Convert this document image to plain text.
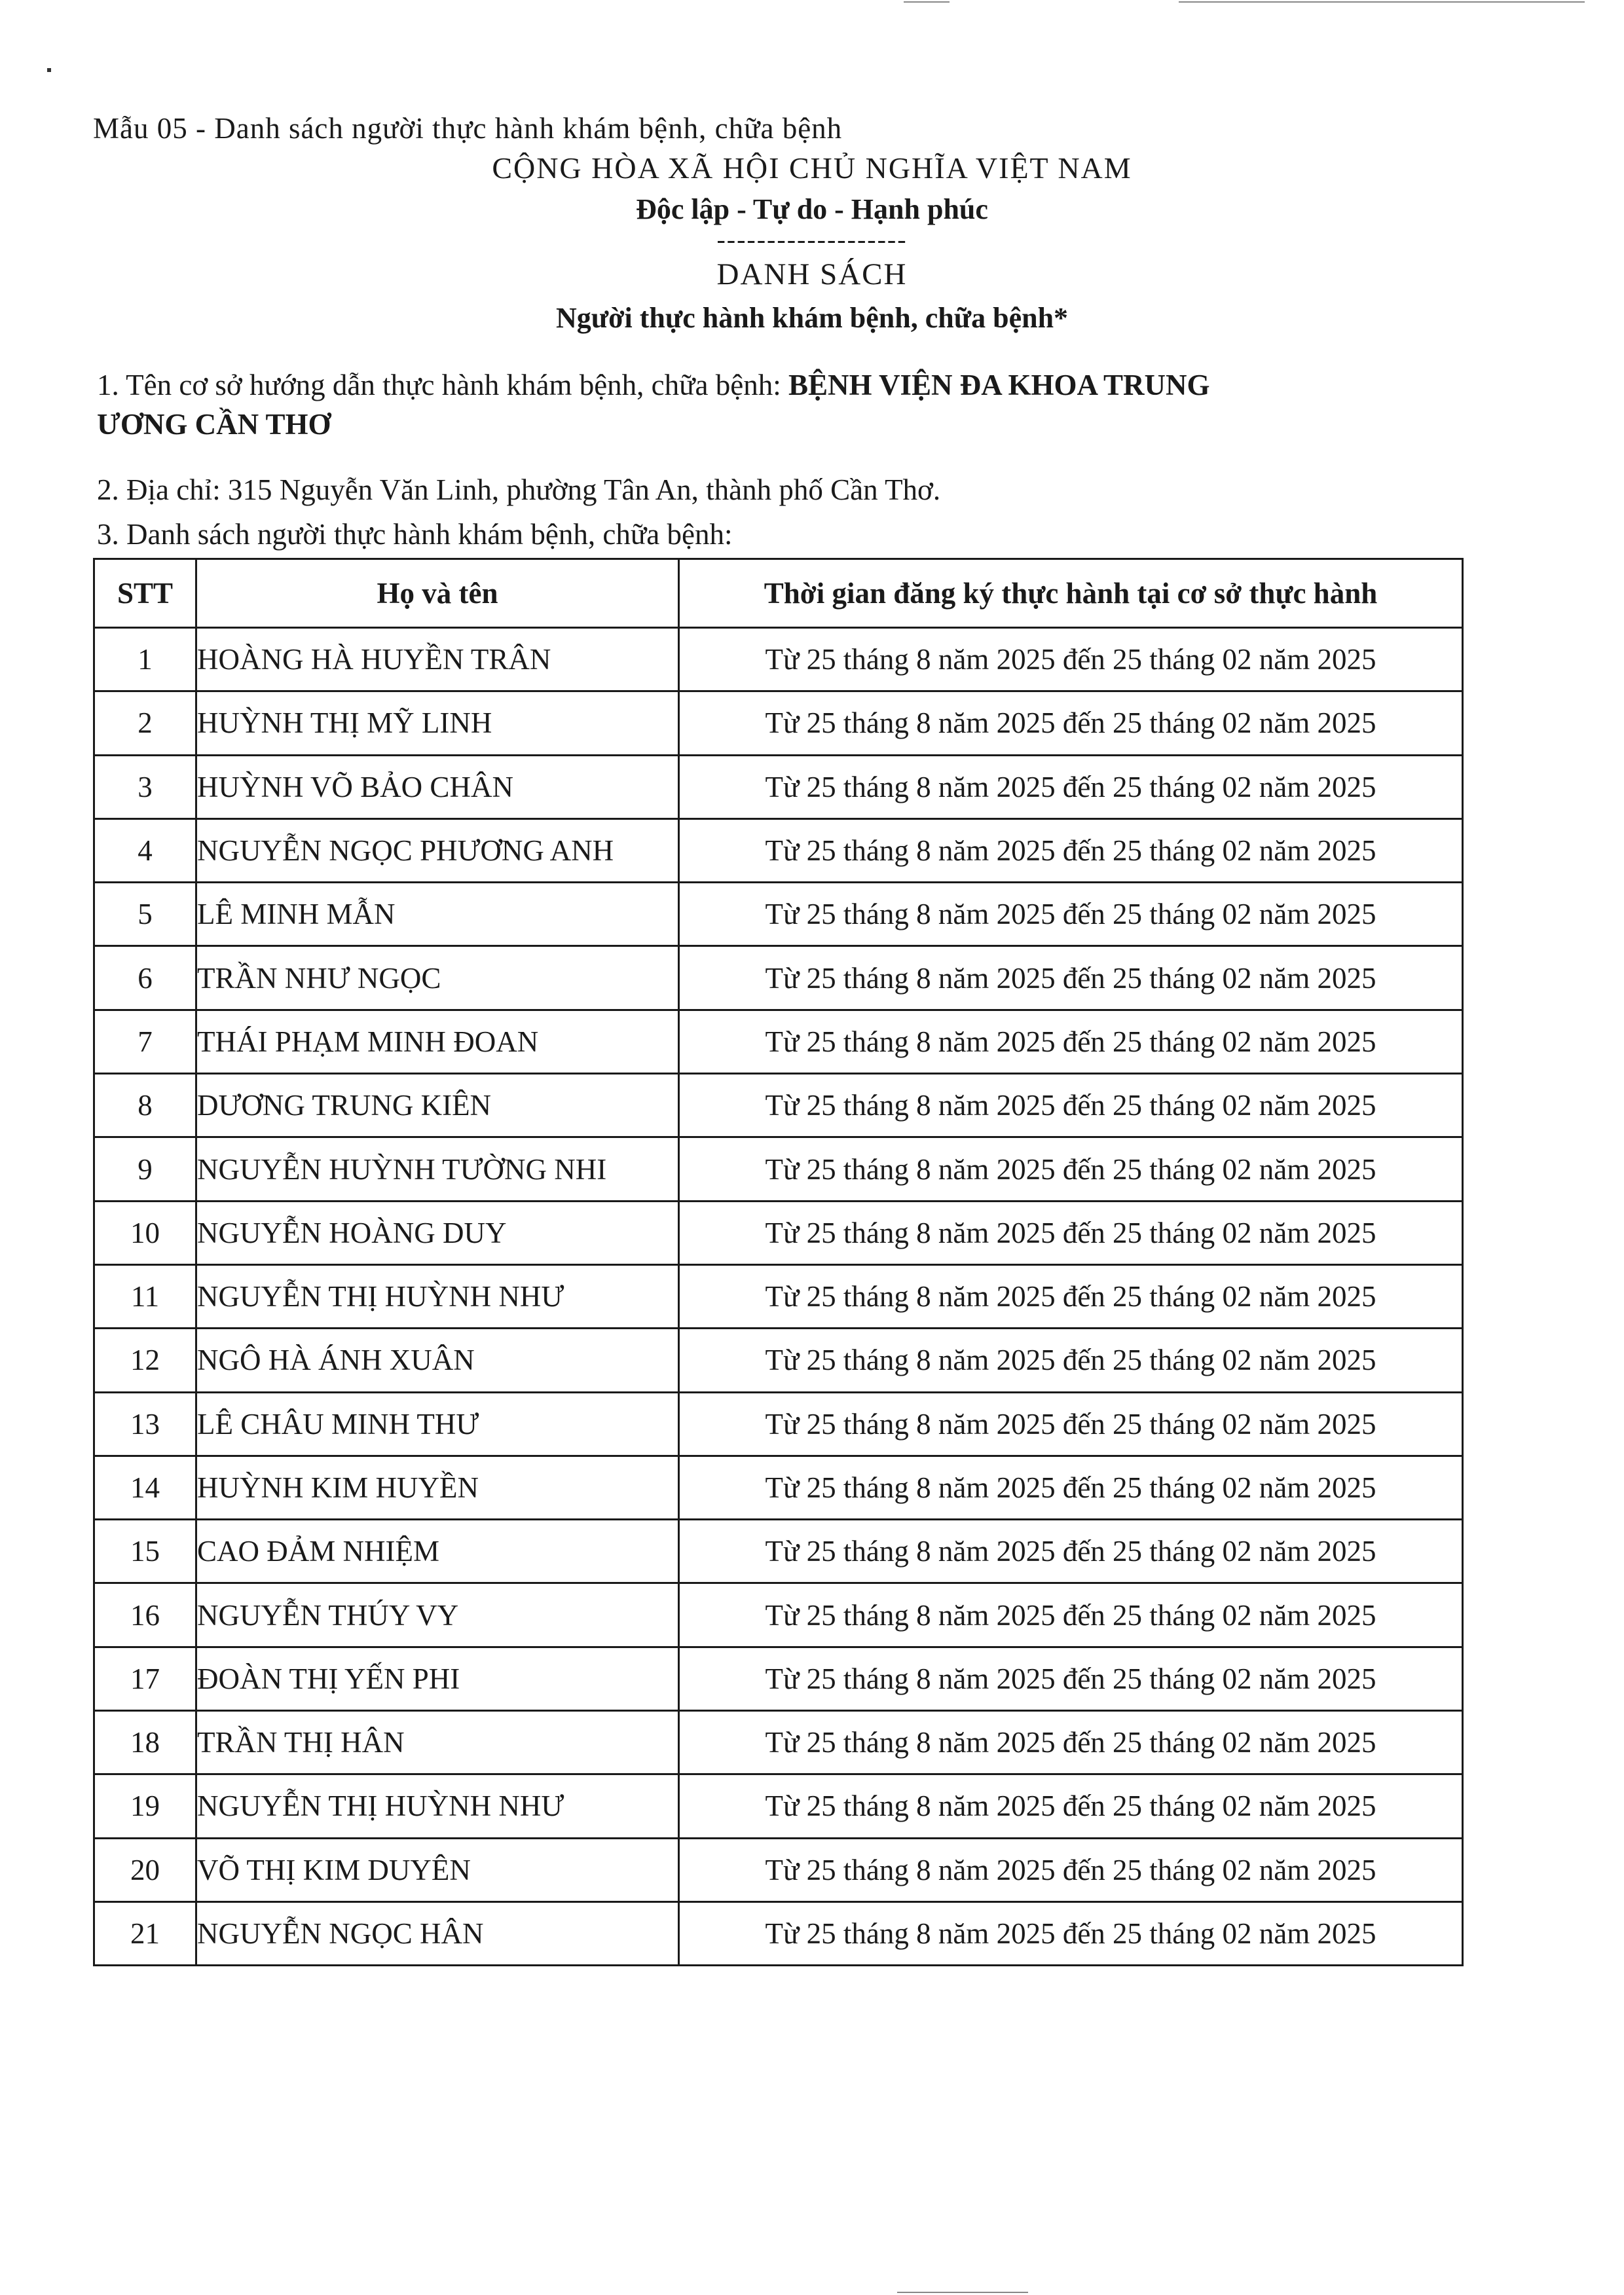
Mẫu 05 - Danh sách người thực hành khám bệnh, chữa bệnh
CỘNG HÒA XÃ HỘI CHỦ NGHĨA VIỆT NAM
Độc lập - Tự do - Hạnh phúc
-------------------
DANH SÁCH
Người thực hành khám bệnh, chữa bệnh*
1. Tên cơ sở hướng dẫn thực hành khám bệnh, chữa bệnh: BỆNH VIỆN ĐA KHOA TRUNG
ƯƠNG CẦN THƠ
2. Địa chỉ: 315 Nguyễn Văn Linh, phường Tân An, thành phố Cần Thơ.
3. Danh sách người thực hành khám bệnh, chữa bệnh:
STT	Họ và tên	Thời gian đăng ký thực hành tại cơ sở thực hành
1	HOÀNG HÀ HUYỀN TRÂN	Từ 25 tháng 8 năm 2025 đến 25 tháng 02 năm 2025
2	HUỲNH THỊ MỸ LINH	Từ 25 tháng 8 năm 2025 đến 25 tháng 02 năm 2025
3	HUỲNH VÕ BẢO CHÂN	Từ 25 tháng 8 năm 2025 đến 25 tháng 02 năm 2025
4	NGUYỄN NGỌC PHƯƠNG ANH	Từ 25 tháng 8 năm 2025 đến 25 tháng 02 năm 2025
5	LÊ MINH MẪN	Từ 25 tháng 8 năm 2025 đến 25 tháng 02 năm 2025
6	TRẦN NHƯ NGỌC	Từ 25 tháng 8 năm 2025 đến 25 tháng 02 năm 2025
7	THÁI PHẠM MINH ĐOAN	Từ 25 tháng 8 năm 2025 đến 25 tháng 02 năm 2025
8	DƯƠNG TRUNG KIÊN	Từ 25 tháng 8 năm 2025 đến 25 tháng 02 năm 2025
9	NGUYỄN HUỲNH TƯỜNG NHI	Từ 25 tháng 8 năm 2025 đến 25 tháng 02 năm 2025
10	NGUYỄN HOÀNG DUY	Từ 25 tháng 8 năm 2025 đến 25 tháng 02 năm 2025
11	NGUYỄN THỊ HUỲNH NHƯ	Từ 25 tháng 8 năm 2025 đến 25 tháng 02 năm 2025
12	NGÔ HÀ ÁNH XUÂN	Từ 25 tháng 8 năm 2025 đến 25 tháng 02 năm 2025
13	LÊ CHÂU MINH THƯ	Từ 25 tháng 8 năm 2025 đến 25 tháng 02 năm 2025
14	HUỲNH KIM HUYỀN	Từ 25 tháng 8 năm 2025 đến 25 tháng 02 năm 2025
15	CAO ĐẢM NHIỆM	Từ 25 tháng 8 năm 2025 đến 25 tháng 02 năm 2025
16	NGUYỄN THÚY VY	Từ 25 tháng 8 năm 2025 đến 25 tháng 02 năm 2025
17	ĐOÀN THỊ YẾN PHI	Từ 25 tháng 8 năm 2025 đến 25 tháng 02 năm 2025
18	TRẦN THỊ HÂN	Từ 25 tháng 8 năm 2025 đến 25 tháng 02 năm 2025
19	NGUYỄN THỊ HUỲNH NHƯ	Từ 25 tháng 8 năm 2025 đến 25 tháng 02 năm 2025
20	VÕ THỊ KIM DUYÊN	Từ 25 tháng 8 năm 2025 đến 25 tháng 02 năm 2025
21	NGUYỄN NGỌC HÂN	Từ 25 tháng 8 năm 2025 đến 25 tháng 02 năm 2025
